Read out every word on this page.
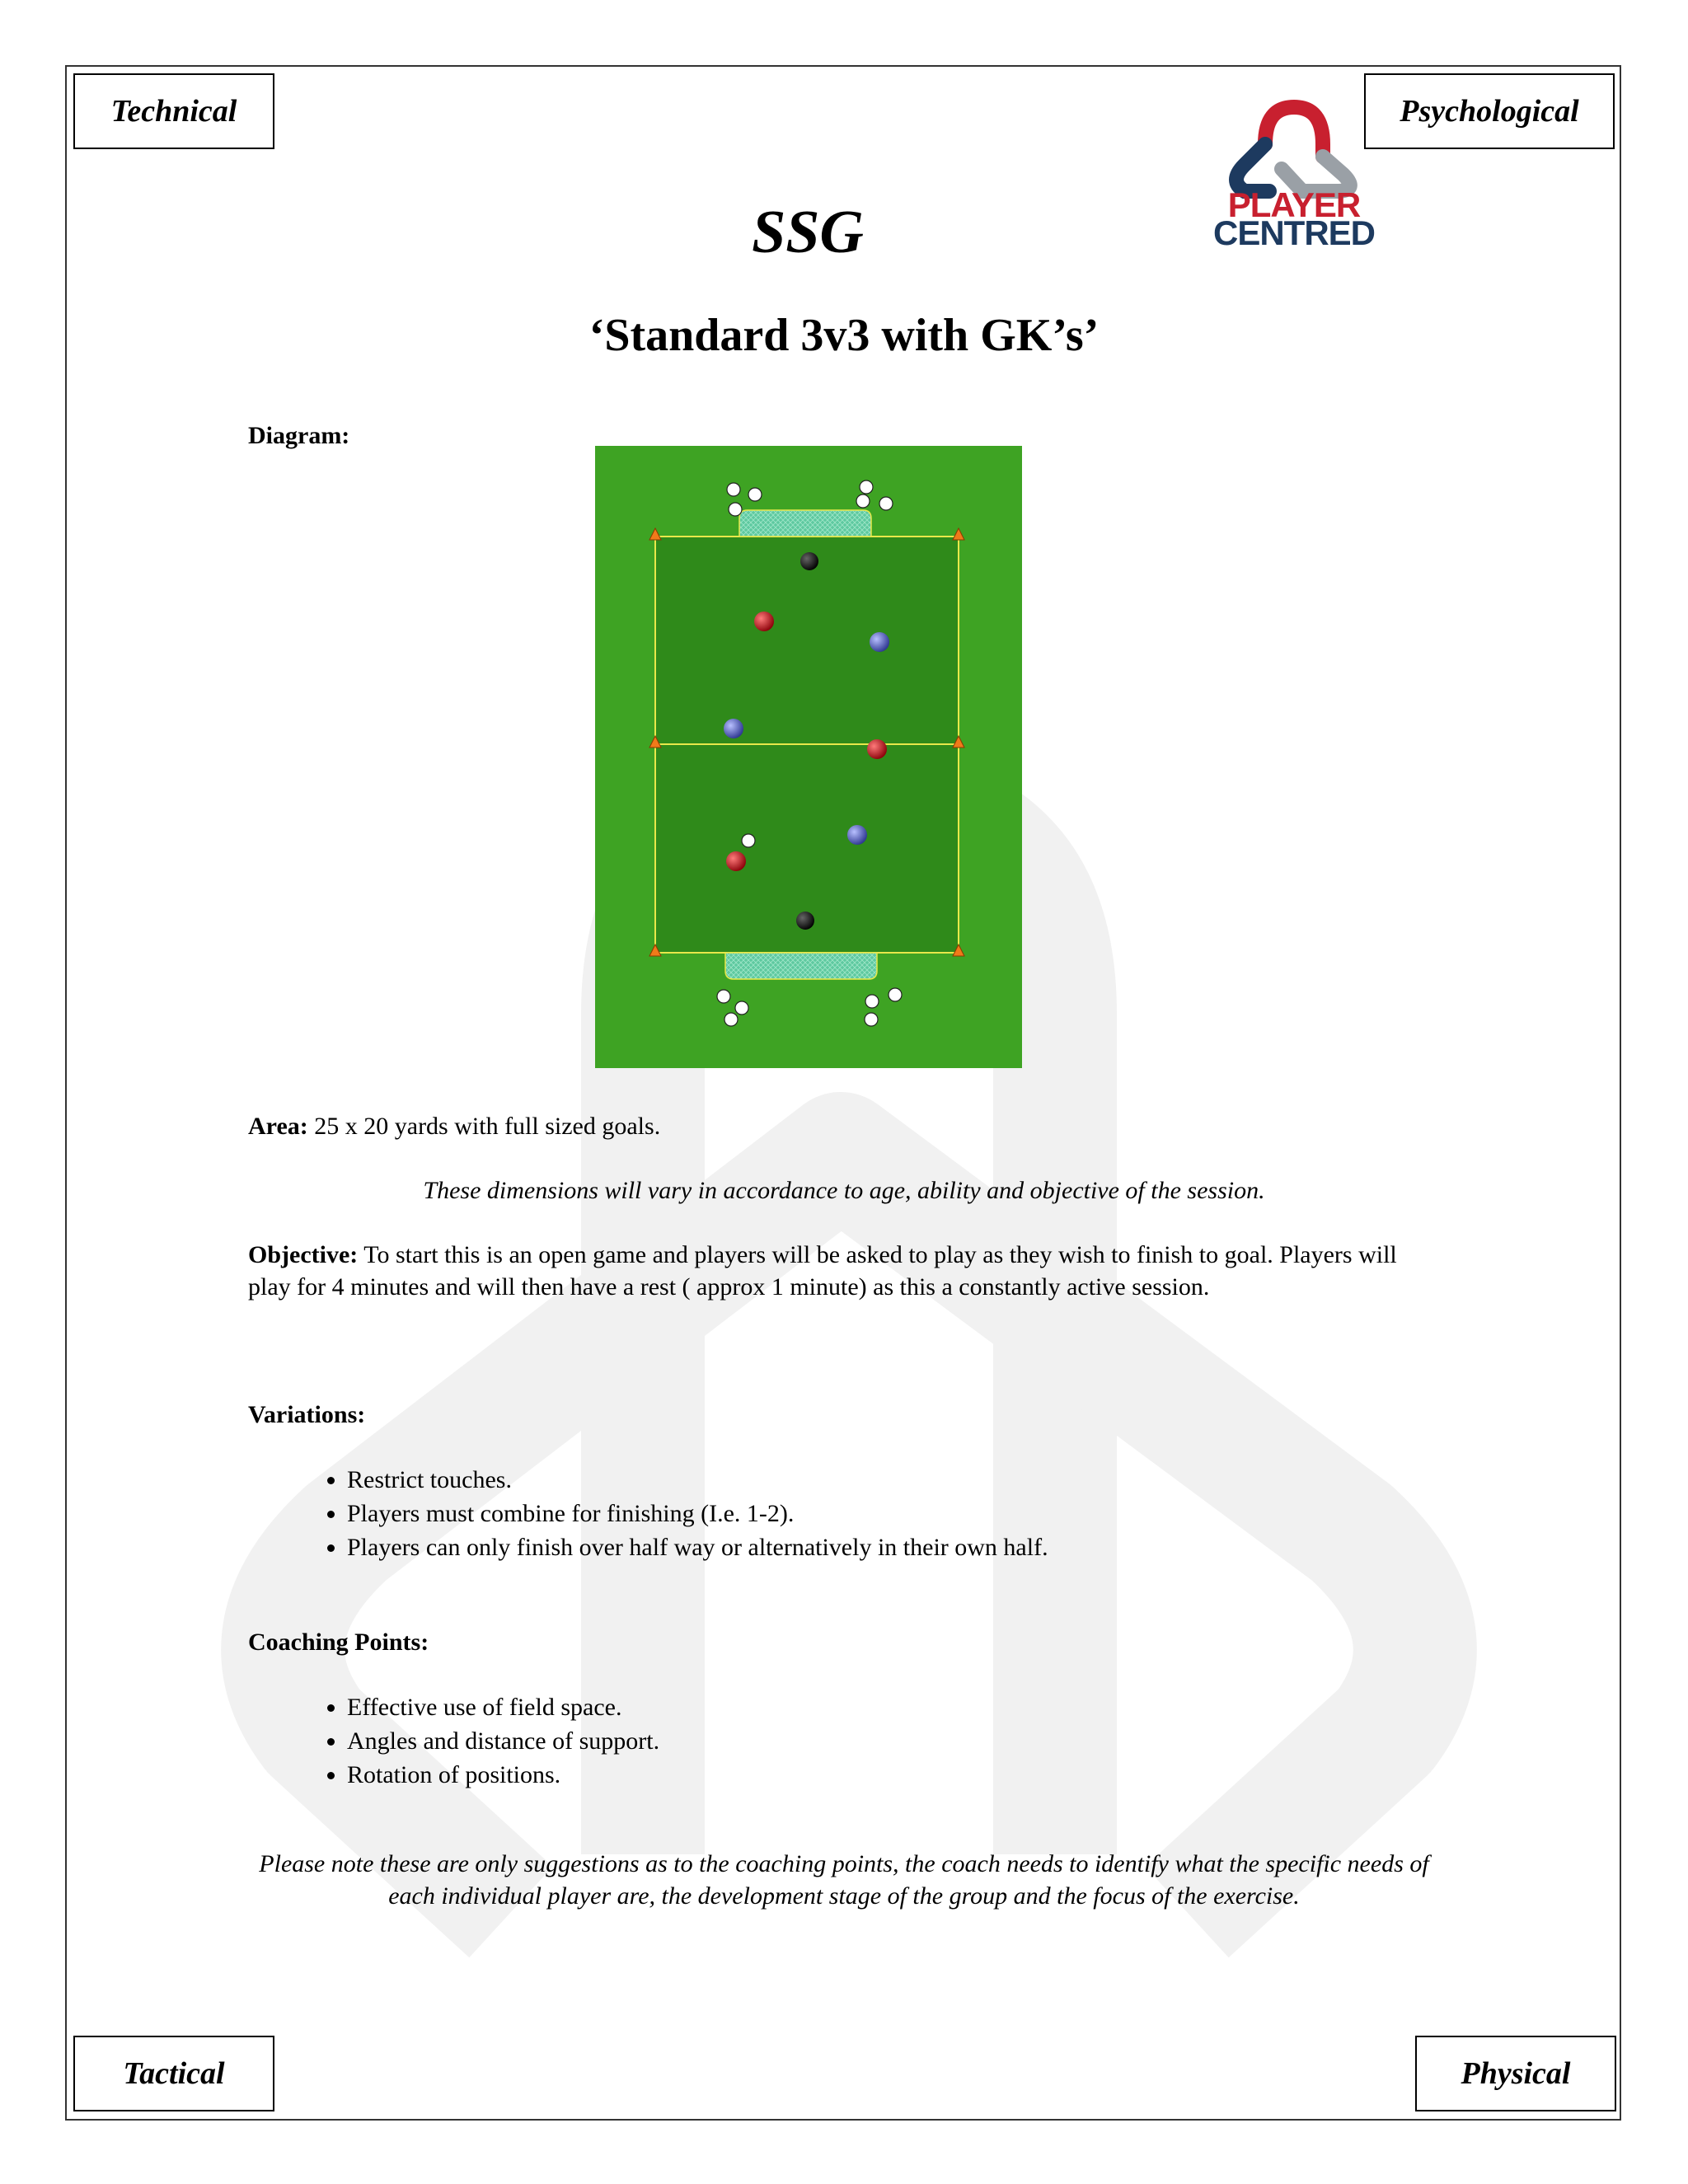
Technical	Psychological
Tactical	Physical
PLAYER
CENTRED
SSG
‘Standard 3v3 with GK’s’
Diagram:
Area: 25 x 20 yards with full sized goals.
These dimensions will vary in accordance to age, ability and objective of the session.
Objective: To start this is an open game and players will be asked to play as they wish to finish to goal. Players will play for 4 minutes and will then have a rest ( approx 1 minute) as this a constantly active session.
Variations:
• Restrict touches.
• Players must combine for finishing (I.e. 1-2).
• Players can only finish over half way or alternatively in their own half.
Coaching Points:
• Effective use of field space.
• Angles and distance of support.
• Rotation of positions.
Please note these are only suggestions as to the coaching points, the coach needs to identify what the specific needs of each individual player are, the development stage of the group and the focus of the exercise.
